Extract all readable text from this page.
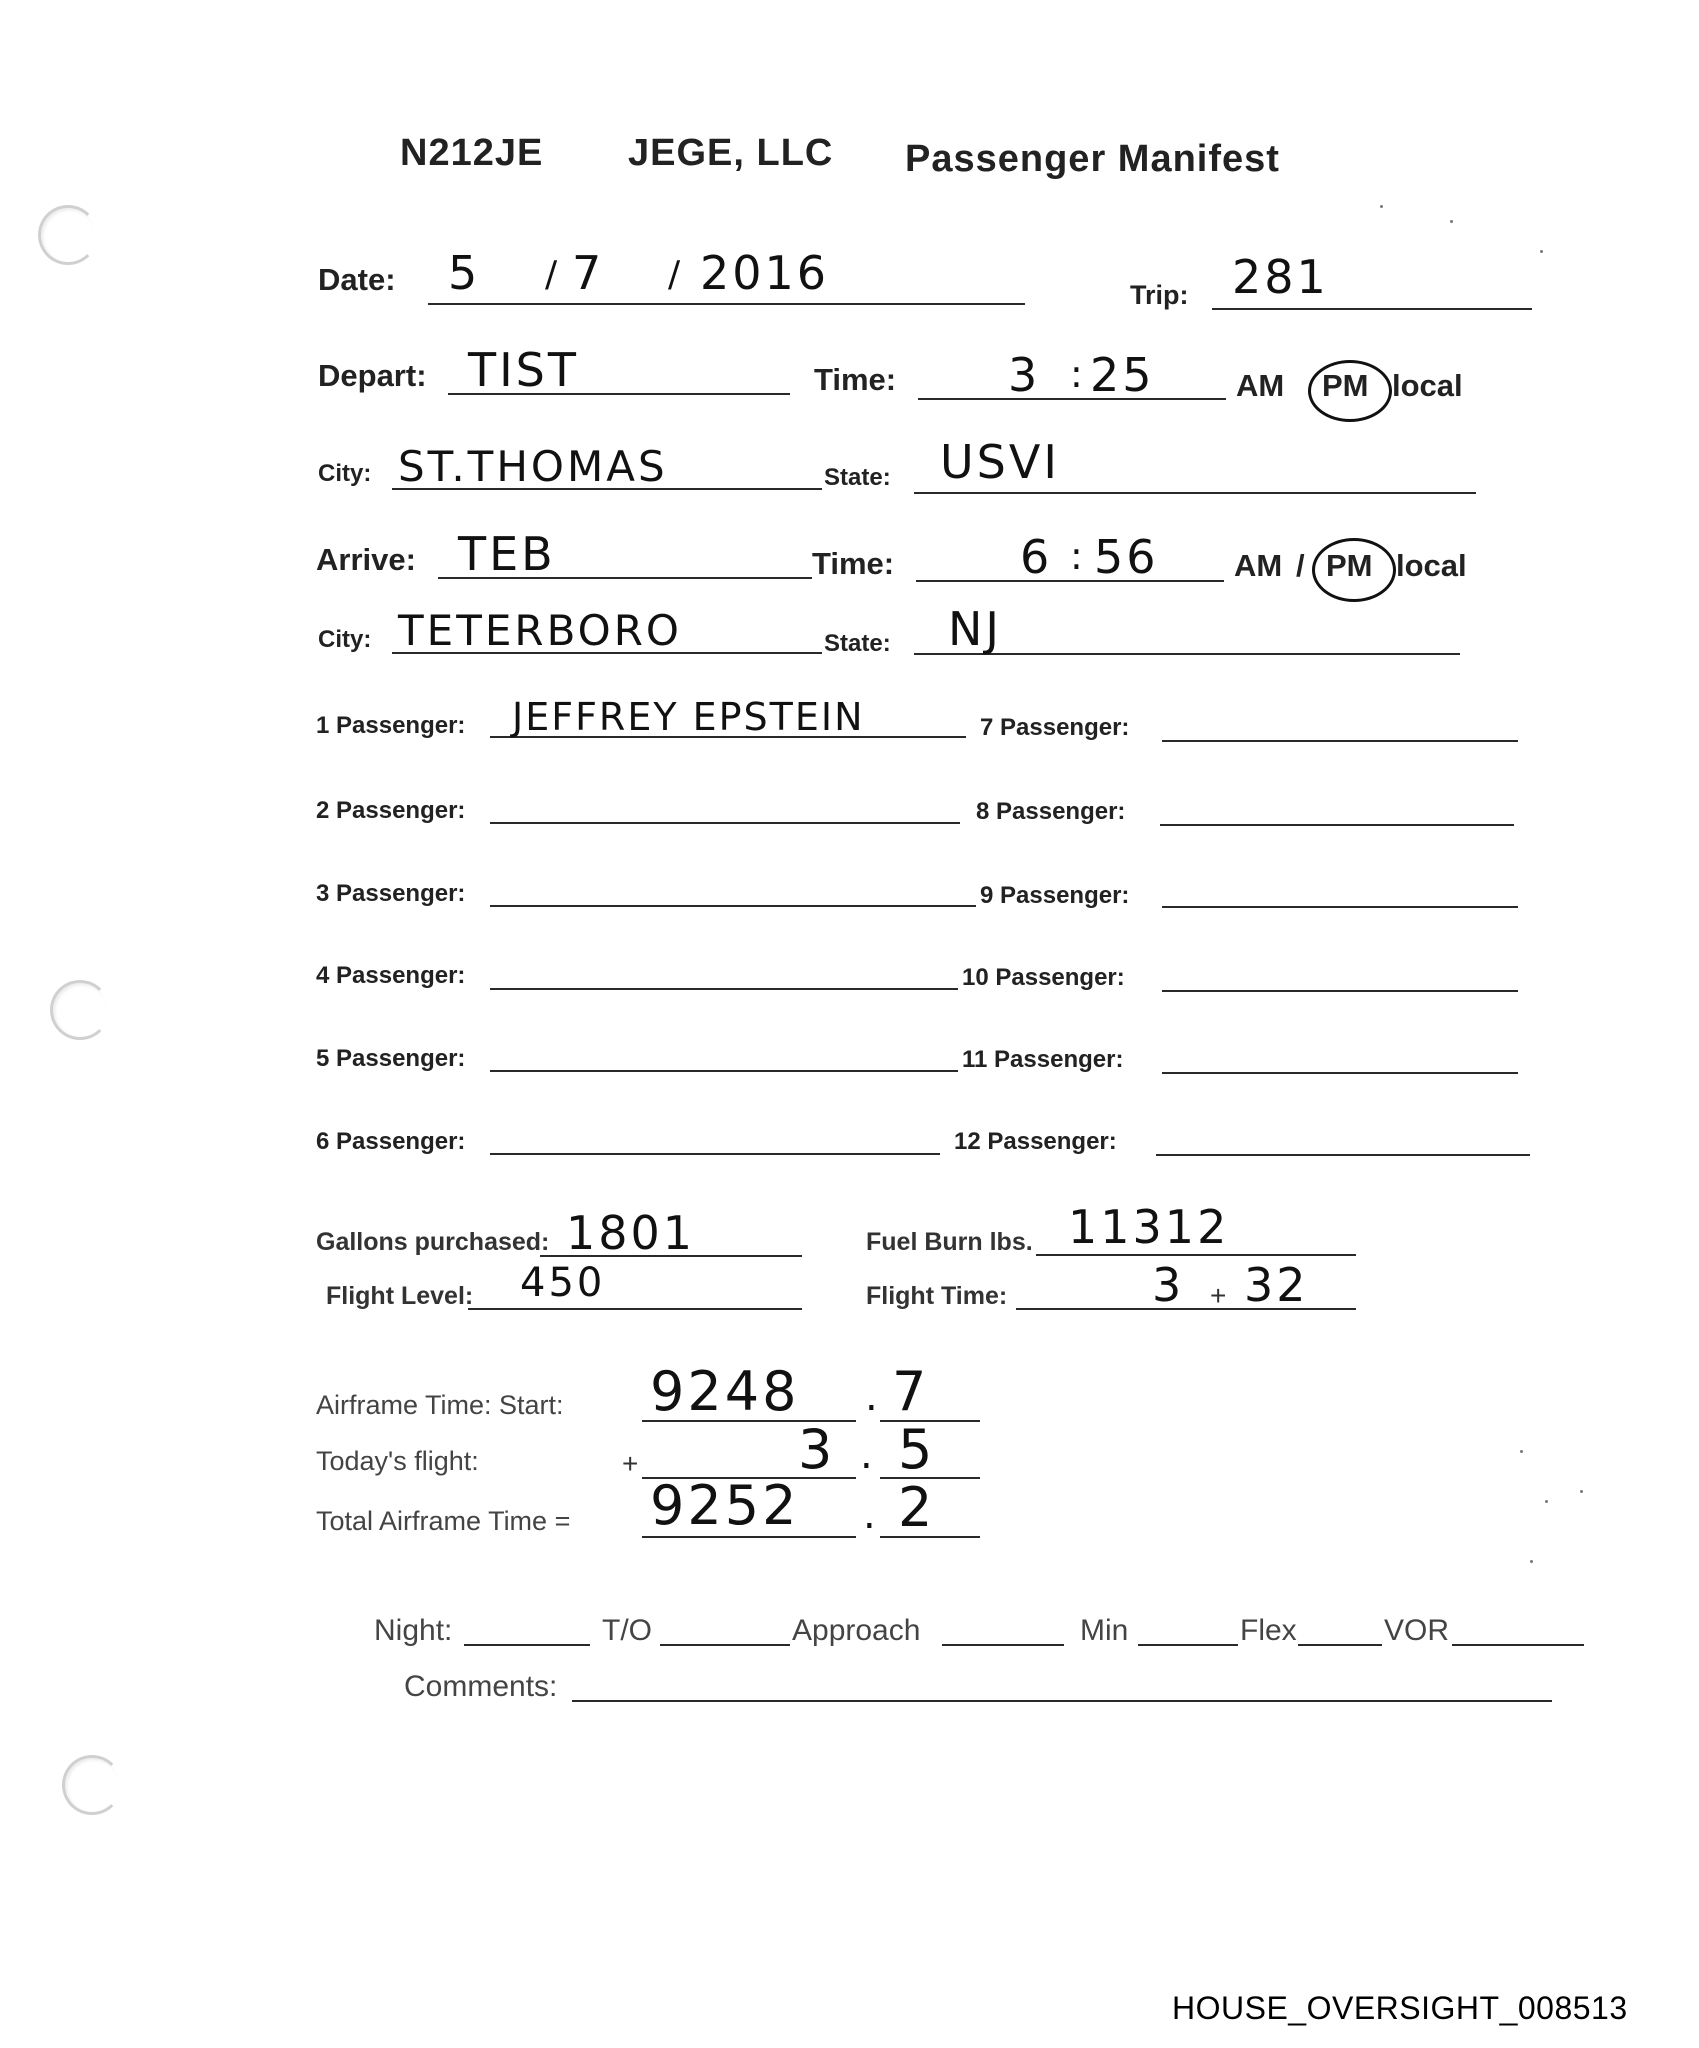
N212JE JEGE, LLC Passenger Manifest
Date: 5 / 7 / 2016	Trip: 281
Depart: TIST	Time: 3 : 25	AM PM local
City: ST.THOMAS	State: USVI
Arrive: TEB	Time:	6 : 56 AM / PM local
City: TETERBORO	State: NJ
1 Passenger: JEFFREY EPSTEIN
2 Passenger:
3 Passenger:
4 Passenger:
5 Passenger:
6 Passenger:
7 Passenger:
8 Passenger:
9 Passenger:
10 Passenger:
11 Passenger:
12 Passenger:
Gallons purchased: 1801	Fuel Burn lbs. 11312
Flight Level: 450	Flight Time:	3 + 32
Airframe Time: Start: 9248 . 7
Today's flight:	+	3 . 5
Total Airframe Time = 9252 . 2
Night:	T/O	Approach	Min	Flex	VOR
Comments:
HOUSE_OVERSIGHT_008513
